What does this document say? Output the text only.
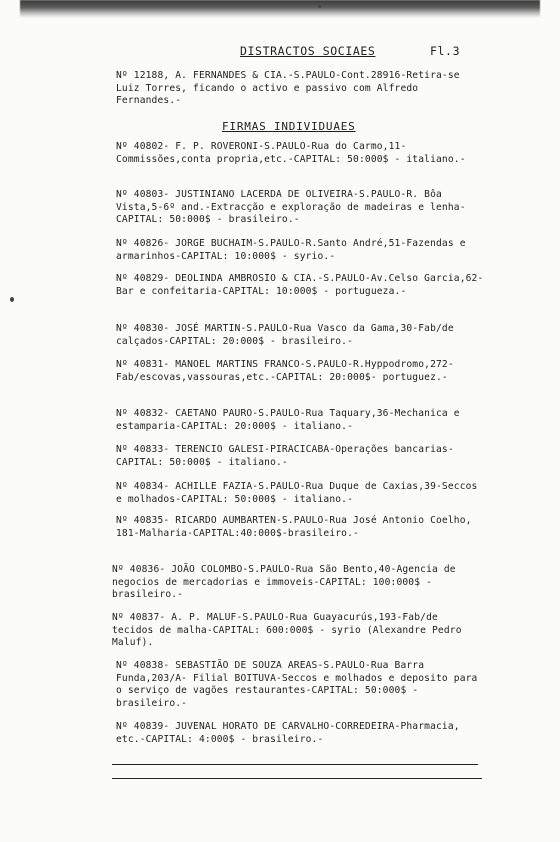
DISTRACTOS SOCIAES	Fl.3
Nº 12188, A. FERNANDES & CIA.-S.PAULO-Cont.28916-Retira-se Luiz Torres, ficando o activo e passivo com Alfredo Fernandes.-
FIRMAS INDIVIDUAES
Nº 40802- F. P. ROVERONI-S.PAULO-Rua do Carmo,11-Commissões,conta propria,etc.-CAPITAL: 50:000$ - italiano.-
Nº 40803- JUSTINIANO LACERDA DE OLIVEIRA-S.PAULO-R. Bôa Vista,5-6º and.-Extracção e exploração de madeiras e lenha-CAPITAL: 50:000$ - brasileiro.-
Nº 40826- JORGE BUCHAIM-S.PAULO-R.Santo André,51-Fazendas e armarinhos-CAPITAL: 10:000$ - syrio.-
Nº 40829- DEOLINDA AMBROSIO & CIA.-S.PAULO-Av.Celso Garcia,62- Bar e confeitaria-CAPITAL: 10:000$ - portugueza.-
Nº 40830- JOSÉ MARTIN-S.PAULO-Rua Vasco da Gama,30-Fab/de calçados-CAPITAL: 20:000$ - brasileiro.-
Nº 40831- MANOEL MARTINS FRANCO-S.PAULO-R.Hyppodromo,272-Fab/escovas,vassouras,etc.-CAPITAL: 20:000$- portuguez.-
Nº 40832- CAETANO PAURO-S.PAULO-Rua Taquary,36-Mechanica e estamparia-CAPITAL: 20:000$ - italiano.-
Nº 40833- TERENCIO GALESI-PIRACICABA-Operações bancarias-CAPITAL: 50:000$ - italiano.-
Nº 40834- ACHILLE FAZIA-S.PAULO-Rua Duque de Caxias,39-Seccos e molhados-CAPITAL: 50:000$ - italiano.-
Nº 40835- RICARDO AUMBARTEN-S.PAULO-Rua José Antonio Coelho, 181-Malharia-CAPITAL:40:000$-brasileiro.-
Nº 40836- JOÃO COLOMBO-S.PAULO-Rua São Bento,40-Agencia de negocios de mercadorias e immoveis-CAPITAL: 100:000$ - brasileiro.-
Nº 40837- A. P. MALUF-S.PAULO-Rua Guayacurús,193-Fab/de tecidos de malha-CAPITAL: 600:000$ - syrio (Alexandre Pedro Maluf).
Nº 40838- SEBASTIÃO DE SOUZA AREAS-S.PAULO-Rua Barra Funda,203/A- Filial BOITUVA-Seccos e molhados e deposito para o serviço de vagões restaurantes-CAPITAL: 50:000$ - brasileiro.-
Nº 40839- JUVENAL HORATO DE CARVALHO-CORREDEIRA-Pharmacia, etc.-CAPITAL: 4:000$ - brasileiro.-
